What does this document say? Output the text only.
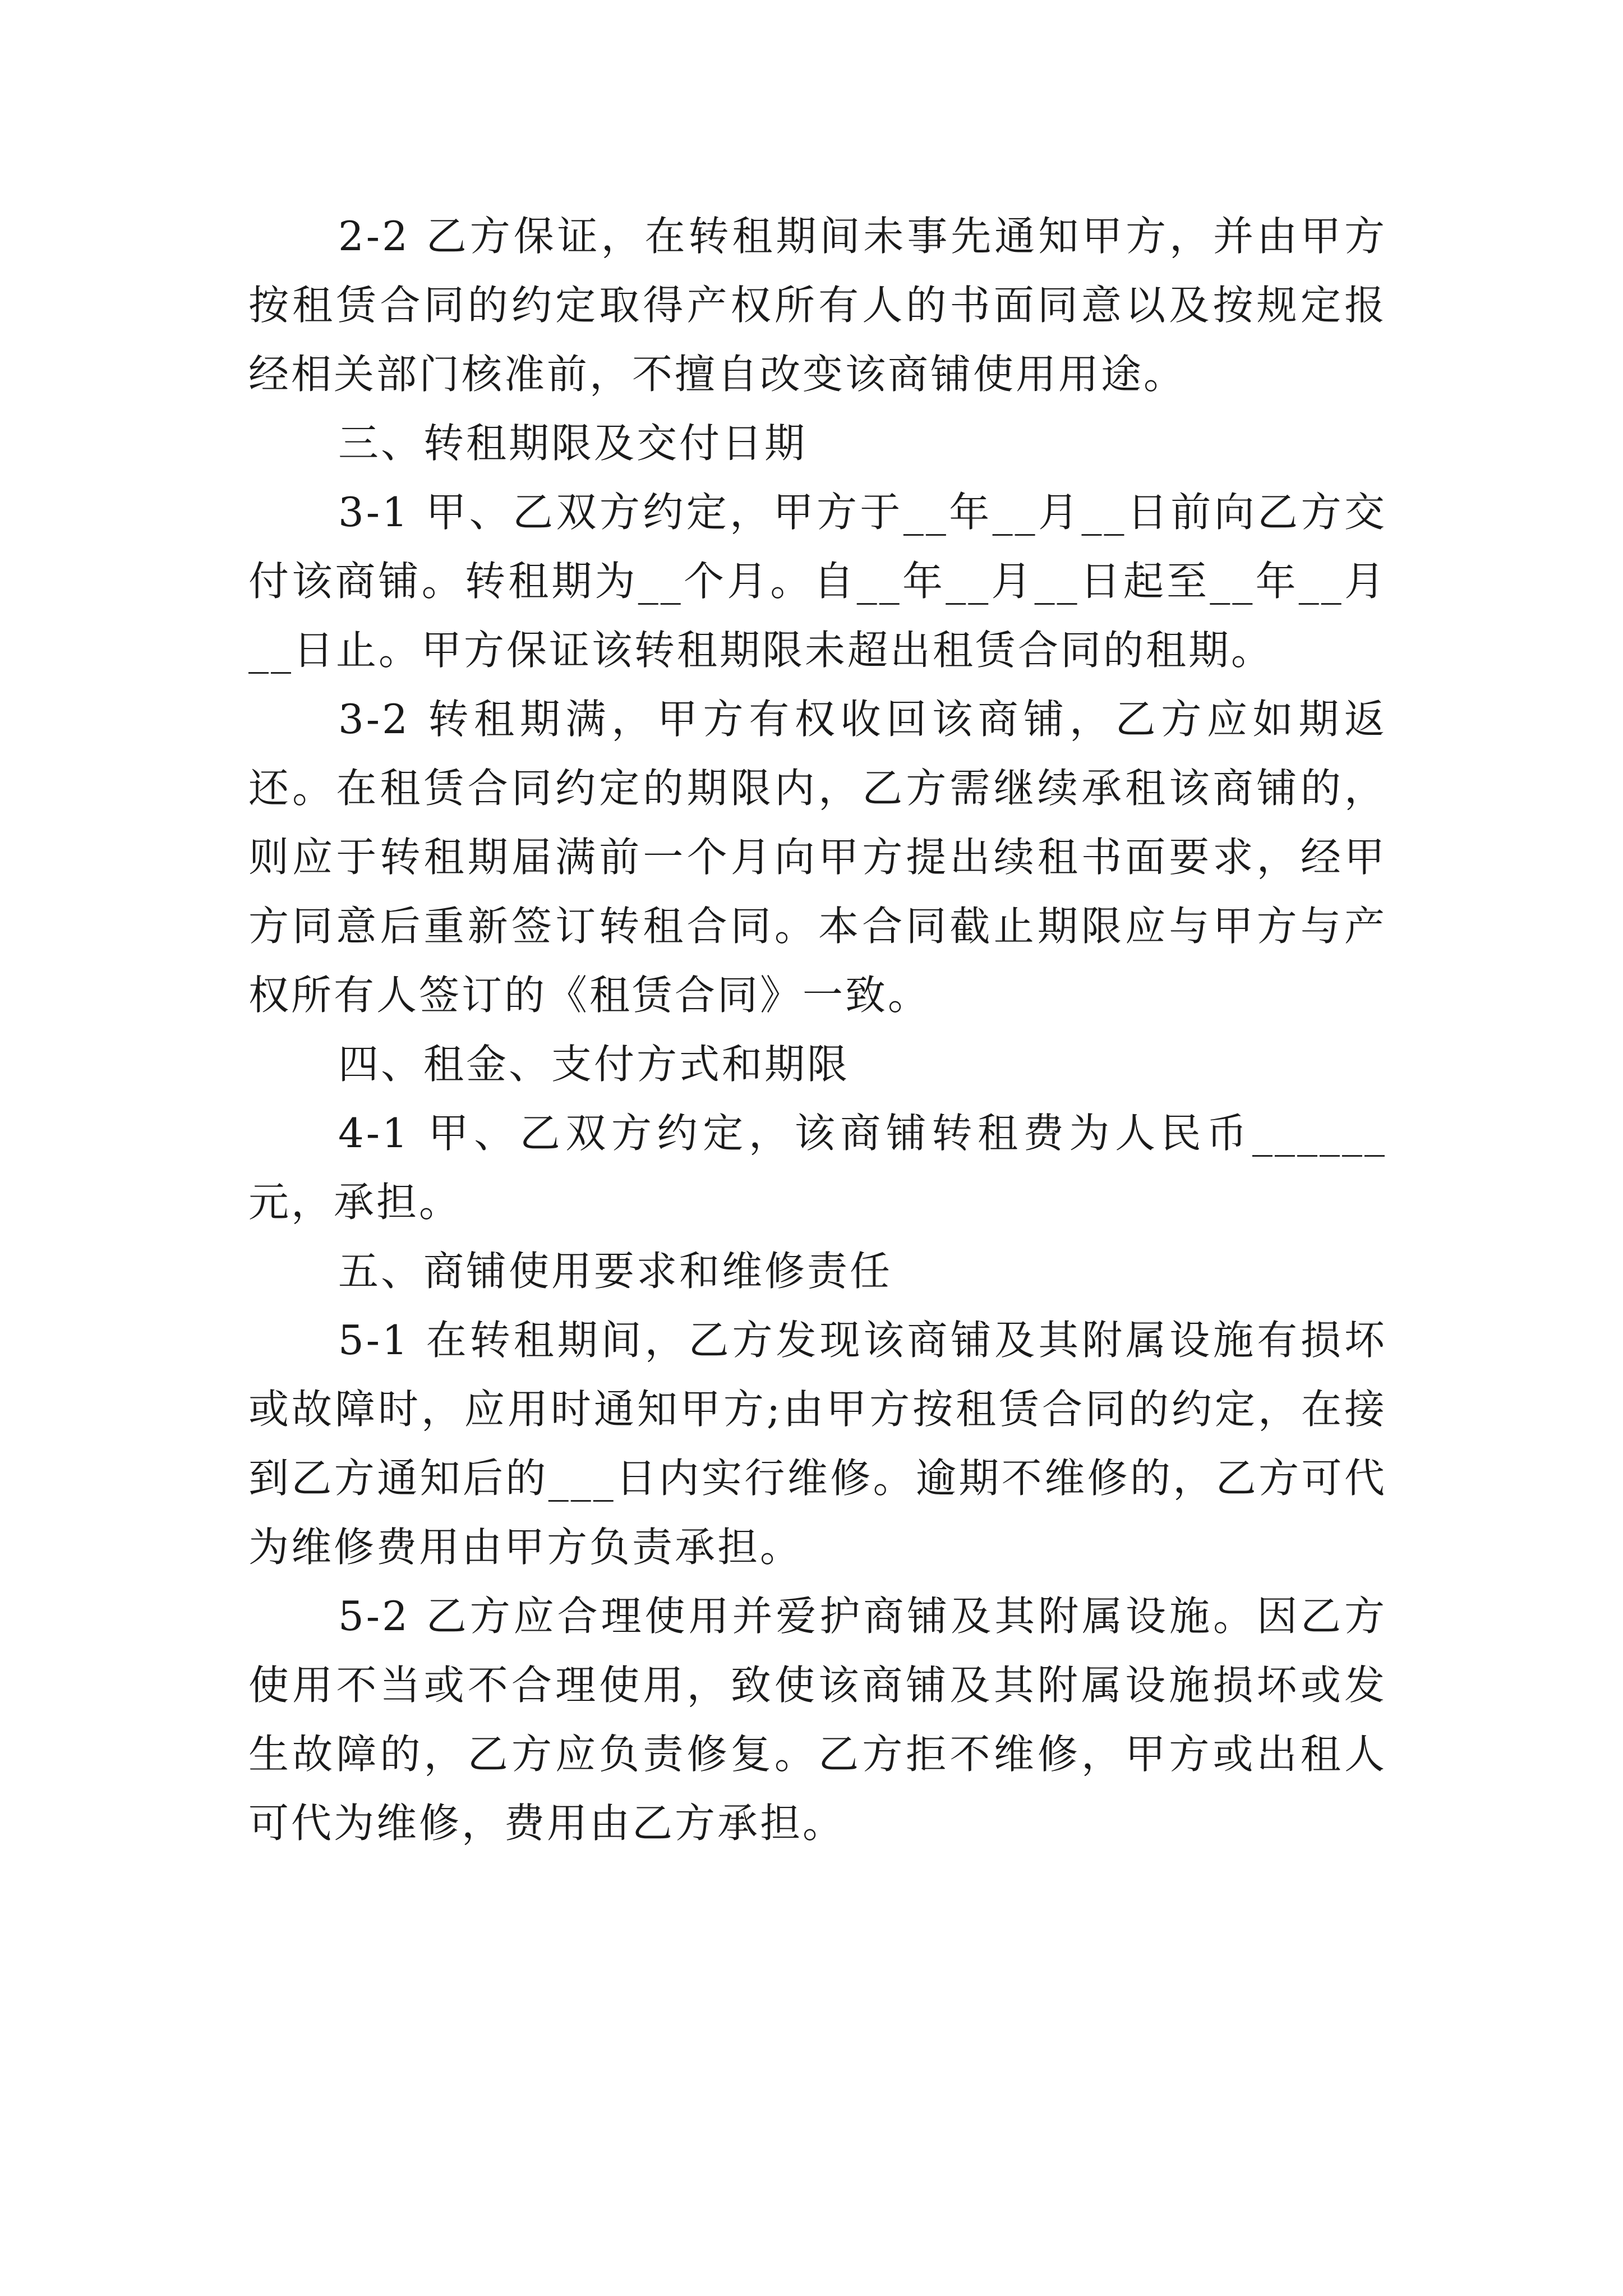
2-2 乙方保证，在转租期间未事先通知甲方，并由甲方按租赁合同的约定取得产权所有人的书面同意以及按规定报经相关部门核准前，不擅自改变该商铺使用用途。

三、转租期限及交付日期

3-1 甲、乙双方约定，甲方于__年__月__日前向乙方交付该商铺。转租期为__个月。自__年__月__日起至__年__月__日止。甲方保证该转租期限未超出租赁合同的租期。

3-2 转租期满，甲方有权收回该商铺，乙方应如期返还。在租赁合同约定的期限内，乙方需继续承租该商铺的，则应于转租期届满前一个月向甲方提出续租书面要求，经甲方同意后重新签订转租合同。本合同截止期限应与甲方与产权所有人签订的《租赁合同》一致。

四、租金、支付方式和期限

4-1 甲、乙双方约定，该商铺转租费为人民币______元，承担。

五、商铺使用要求和维修责任

5-1 在转租期间，乙方发现该商铺及其附属设施有损坏或故障时，应用时通知甲方;由甲方按租赁合同的约定，在接到乙方通知后的___日内实行维修。逾期不维修的，乙方可代为维修费用由甲方负责承担。

5-2 乙方应合理使用并爱护商铺及其附属设施。因乙方使用不当或不合理使用，致使该商铺及其附属设施损坏或发生故障的，乙方应负责修复。乙方拒不维修，甲方或出租人可代为维修，费用由乙方承担。
